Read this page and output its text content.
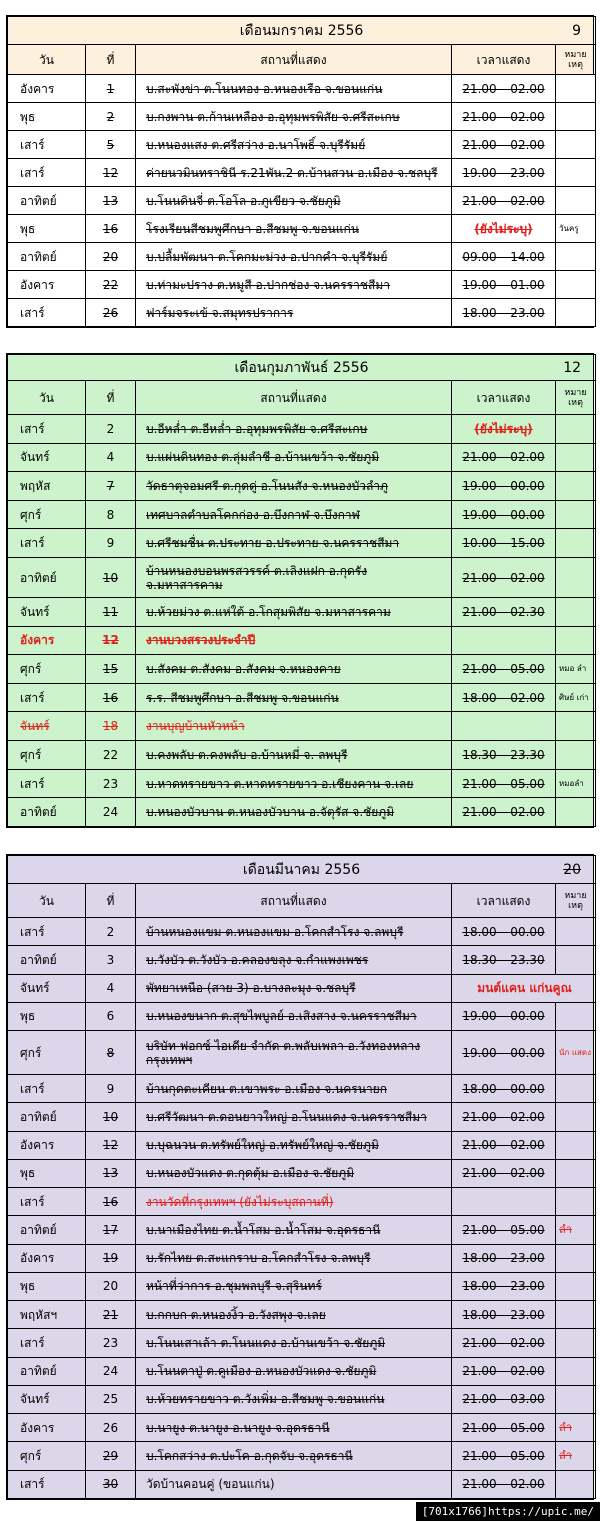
เดือนมกราคม 2556 9				

วัน	ที่	สถานที่แสดง	เวลาแสดง	หมาย
เหตุ
อังคาร	1	บ.สะพังข่า ต.โนนทอง อ.หนองเรือ จ.ขอนแก่น	21.00 – 02.00	
พุธ	2	บ.กงพาน ต.ก้านเหลือง อ.อุทุมพรพิสัย จ.ศรีสะเกษ	21.00 – 02.00	
เสาร์	5	บ.หนองแสง ต.ศรีสว่าง อ.นาโพธิ์ จ.บุรีรัมย์	21.00 – 02.00	
เสาร์	12	ค่ายนวมินทราชินี ร.21พัน.2 ต.บ้านสวน อ.เมือง จ.ชลบุรี	19.00 – 23.00	
อาทิตย์	13	บ.โนนดินจี่ ต.โอโล อ.ภูเขียว จ.ชัยภูมิ	21.00 – 02.00	
พุธ	16	โรงเรียนสีชมพูศึกษา อ.สีชมพู จ.ขอนแก่น	(ยังไม่ระบุ)	วันครู
อาทิตย์	20	บ.ปลื้มพัฒนา ต.โคกมะม่วง อ.ปากคำ จ.บุรีรัมย์	09.00 – 14.00	
อังคาร	22	บ.ท่ามะปราง ต.หมูสี อ.ปากช่อง จ.นครราชสีมา	19.00 – 01.00	
เสาร์	26	ฟาร์มจระเข้ จ.สมุทรปราการ	18.00 – 23.00	
เดือนกุมภาพันธ์ 2556 12				

วัน	ที่	สถานที่แสดง	เวลาแสดง	หมาย
เหตุ
เสาร์	2	บ.อีหล่ำ ต.อีหล่ำ อ.อุทุมพรพิสัย จ.ศรีสะเกษ	(ยังไม่ระบุ)	
จันทร์	4	บ.แผ่นดินทอง ต.ลุ่มลำชี อ.บ้านเขว้า จ.ชัยภูมิ	21.00 – 02.00	
พฤหัส	7	วัดธาตุจอมศรี ต.กุดดู่ อ.โนนสัง จ.หนองบัวลำภู	19.00 – 00.00	
ศุกร์	8	เทศบาลตำบลโคกก่อง อ.บึงกาฬ จ.บึงกาฬ	19.00 – 00.00	
เสาร์	9	บ.ศรีชมชื่น ต.ประทาย อ.ประทาย จ.นครราชสีมา	10.00 – 15.00	
อาทิตย์	10	บ้านหนองบอนพรสวรรค์ ต.เลิงแฝก อ.กุดรัง จ.มหาสารคาม	21.00 – 02.00	
จันทร์	11	บ.ห้วยม่วง ต.แห่ใต้ อ.โกสุมพิสัย จ.มหาสารคาม	21.00 – 02.30	
อังคาร	12	งานบวงสรวงประจำปี		
ศุกร์	15	บ.สังคม ต.สังคม อ.สังคม จ.หนองคาย	21.00 – 05.00	หมอ ลำ
เสาร์	16	ร.ร. สีชมพูศึกษา อ.สีชมพู จ.ขอนแก่น	18.00 – 02.00	ศิษย์ เก่า
จันทร์	18	งานบุญบ้านหัวหน้า		
ศุกร์	22	บ.คงพลับ ต.คงพลับ อ.บ้านหมี่ จ. ลพบุรี	18.30 – 23.30	
เสาร์	23	บ.หาดทรายขาว ต.หาดทรายขาว อ.เชียงคาน จ.เลย	21.00 – 05.00	หมอลำ
อาทิตย์	24	บ.หนองบัวบาน ต.หนองบัวบาน อ.จัตุรัส จ.ชัยภูมิ	21.00 – 02.00	
เดือนมีนาคม 2556 20				

วัน	ที่	สถานที่แสดง	เวลาแสดง	หมาย
เหตุ
เสาร์	2	บ้านหนองแขม ต.หนองแขม อ.โคกสำโรง จ.ลพบุรี	18.00 – 00.00	
อาทิตย์	3	บ.วังบัว ต.วังบัว อ.คลองขลุง จ.กำแพงเพชร	18.30 – 23.30	
จันทร์	4	พัทยาเหนือ (สาย 3) อ.บางละมุง จ.ชลบุรี	มนต์แคน แก่นคูณ	
พุธ	6	บ.หนองขนาก ต.สุขไพบูลย์ อ.เสิงสาง จ.นครราชสีมา	19.00 – 00.00	
ศุกร์	8	บริษัท ฟอกซ์ ไอเดีย จำกัด ต.พลับเพลา อ.วังทองหลาง กรุงเทพฯ	19.00 – 00.00	นัก แสดง
เสาร์	9	บ้านกุดตะเคียน ต.เขาพระ อ.เมือง จ.นครนายก	18.00 – 00.00	
อาทิตย์	10	บ.ศรีวัฒนา ต.ดอนยาวใหญ่ อ.โนนแดง จ.นครราชสีมา	21.00 – 02.00	
อังคาร	12	บ.บุฉนวน ต.ทรัพย์ใหญ่ อ.ทรัพย์ใหญ่ จ.ชัยภูมิ	21.00 – 02.00	
พุธ	13	บ.หนองบัวแดง ต.กุดตุ้ม อ.เมือง จ.ชัยภูมิ	21.00 – 02.00	
เสาร์	16	งานวัดที่กรุงเทพฯ (ยังไม่ระบุสถานที่)		
อาทิตย์	17	บ.นาเมืองไทย ต.น้ำโสม อ.น้ำโสม จ.อุดรธานี	21.00 – 05.00	ลำ
อังคาร	19	บ.รักไทย ต.สะแกราบ อ.โคกสำโรง จ.ลพบุรี	18.00 – 23.00	
พุธ	20	หน้าที่ว่าการ อ.ชุมพลบุรี จ.สุรินทร์	18.00 – 23.00	
พฤหัสฯ	21	บ.กกบก ต.หนองงิ้ว อ.วังสพุง จ.เลย	18.00 – 23.00	
เสาร์	23	บ.โนนเสาเล้า ต.โนนแดง อ.บ้านเขว้า จ.ชัยภูมิ	21.00 – 02.00	
อาทิตย์	24	บ.โนนตาปู่ ต.คูเมือง อ.หนองบัวแดง จ.ชัยภูมิ	21.00 – 02.00	
จันทร์	25	บ.ห้วยทรายขาว ต.วังเพิ่ม อ.สีชมพู จ.ขอนแก่น	21.00 – 03.00	
อังคาร	26	บ.นายูง ต.นายูง อ.นายูง จ.อุดรธานี	21.00 – 05.00	ลำ
ศุกร์	29	บ.โคกสว่าง ต.ปะโค อ.กุดจับ จ.อุดรธานี	21.00 – 05.00	ลำ
เสาร์	30	วัดบ้านคอนคู่ (ขอนแก่น)	21.00 – 02.00	
[701x1766]https://upic.me/
